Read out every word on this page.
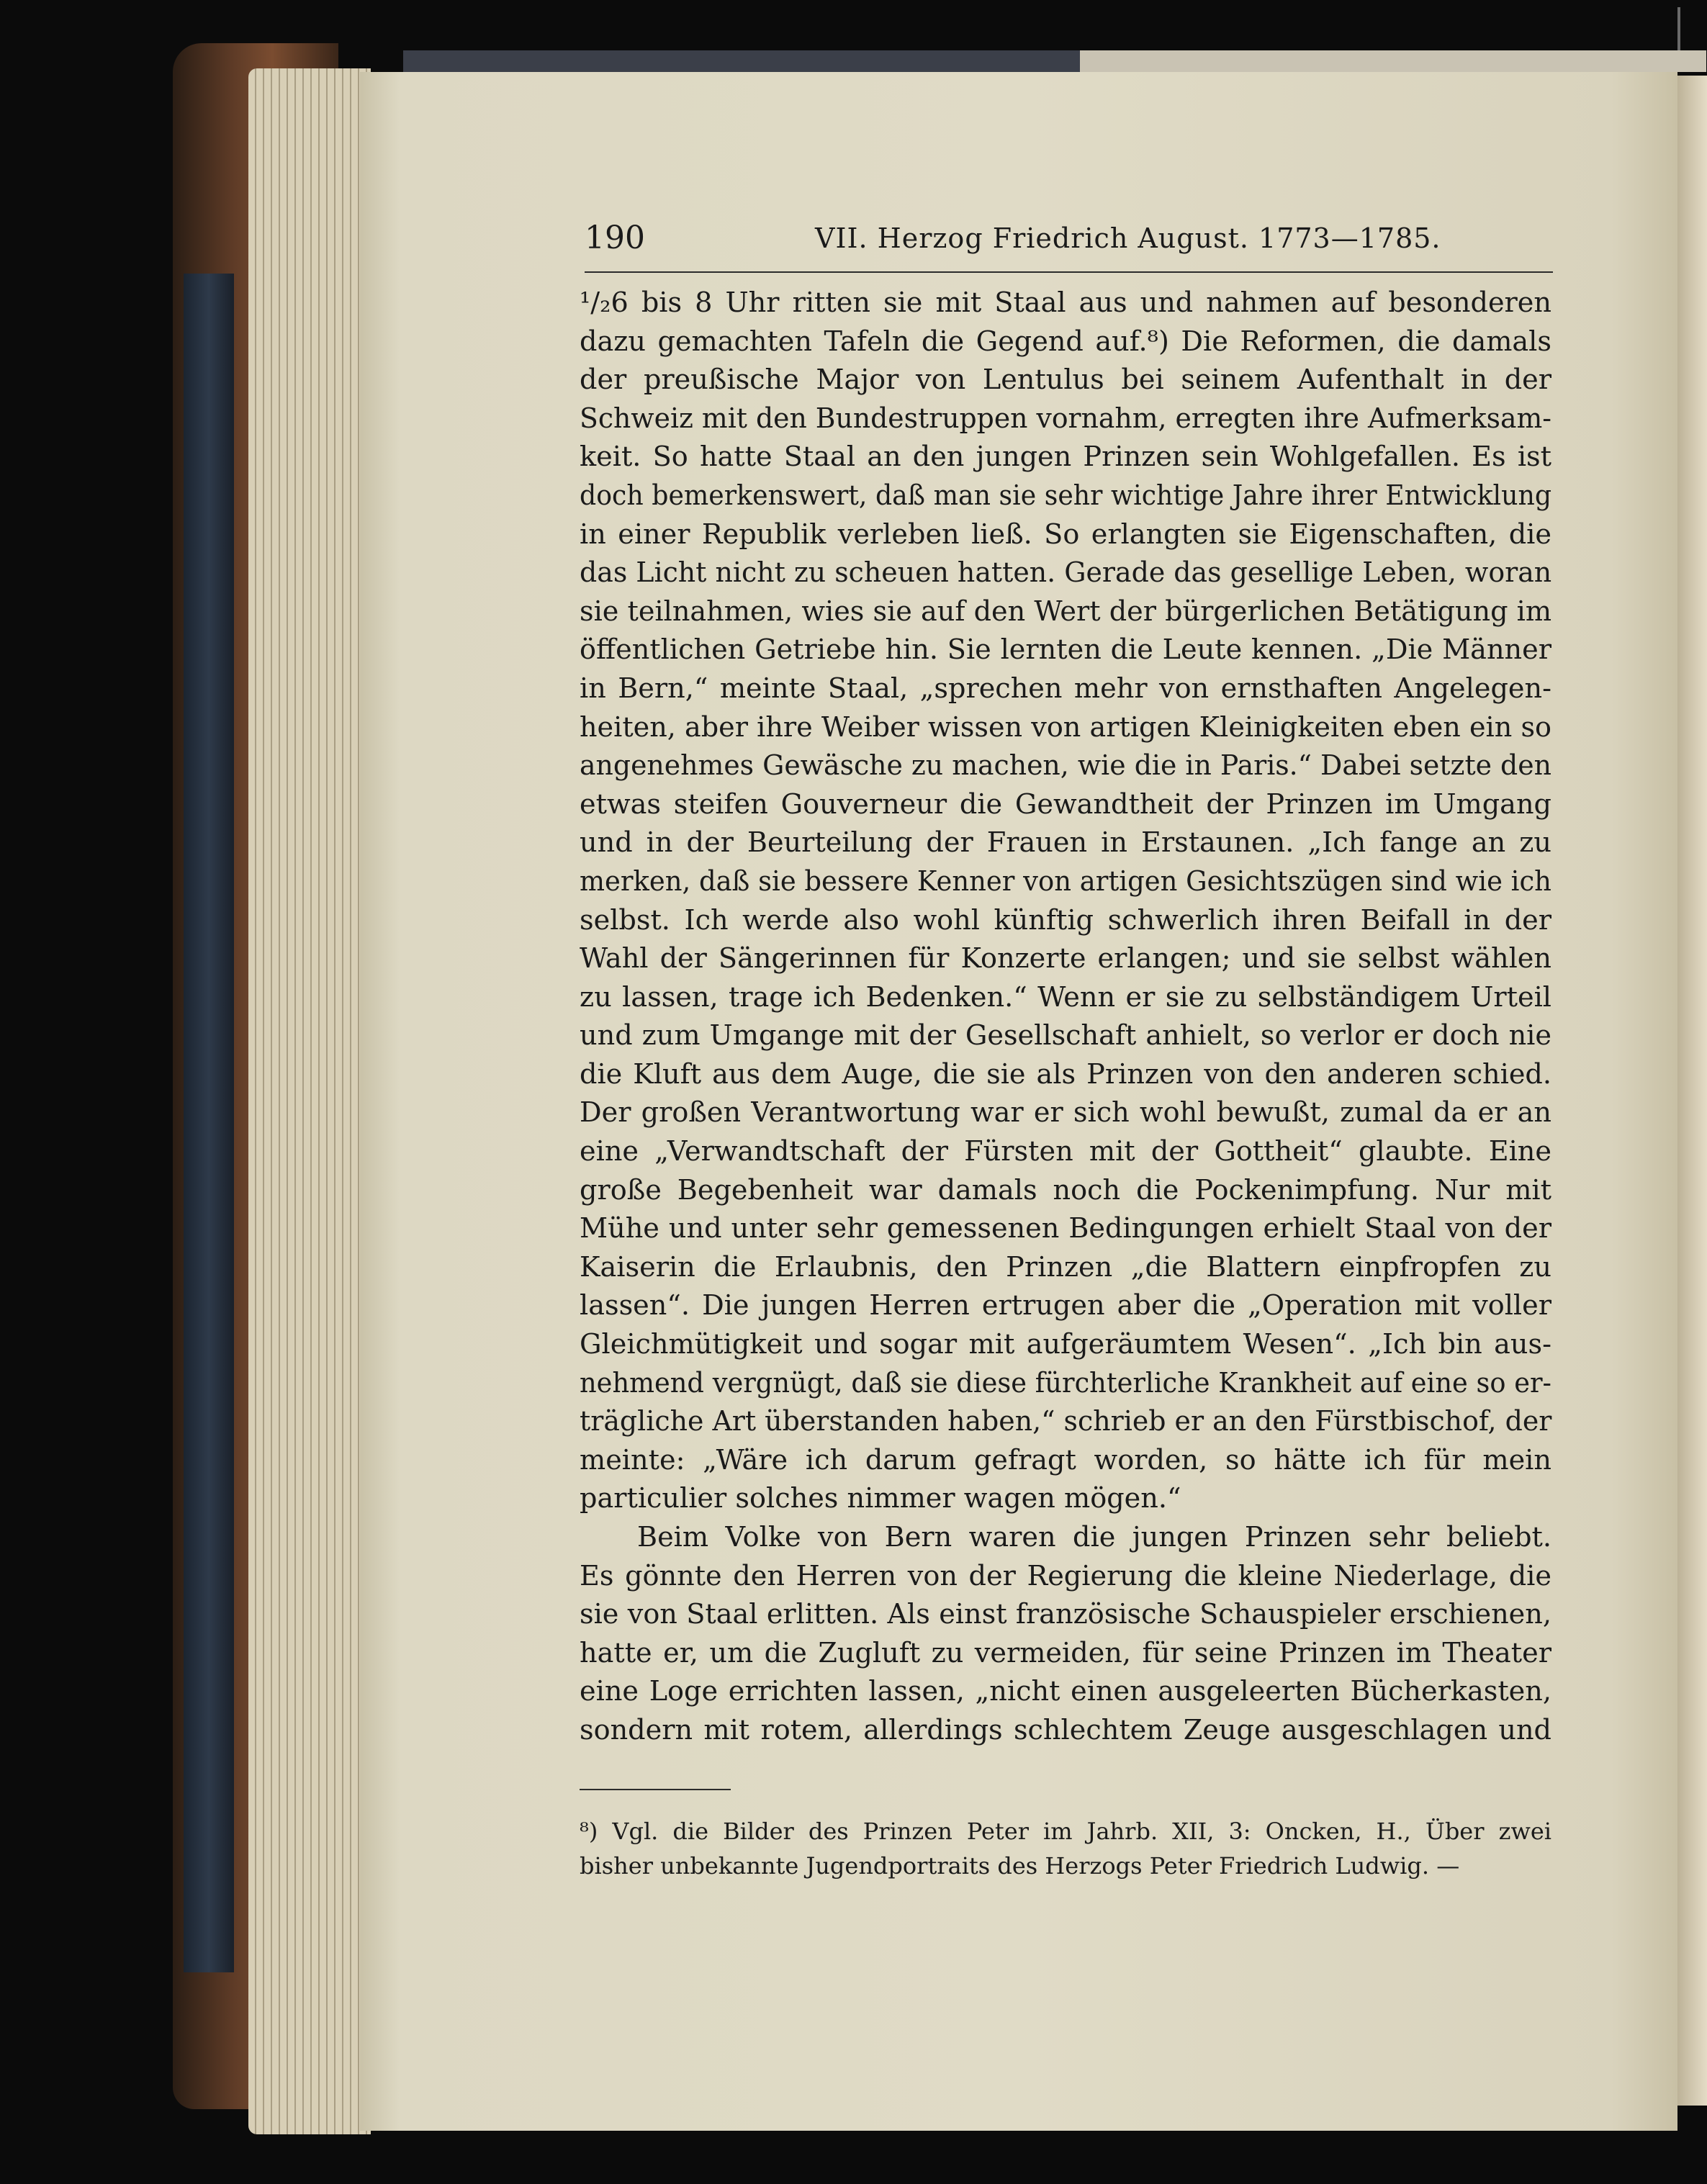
190	VII. Herzog Friedrich August. 1773—1785.
¹/₂6 bis 8 Uhr ritten sie mit Staal aus und nahmen auf besonderen
dazu gemachten Tafeln die Gegend auf.⁸) Die Reformen, die damals
der preußische Major von Lentulus bei seinem Aufenthalt in der
Schweiz mit den Bundestruppen vornahm, erregten ihre Aufmerksam-
keit. So hatte Staal an den jungen Prinzen sein Wohlgefallen. Es ist
doch bemerkenswert, daß man sie sehr wichtige Jahre ihrer Entwicklung
in einer Republik verleben ließ. So erlangten sie Eigenschaften, die
das Licht nicht zu scheuen hatten. Gerade das gesellige Leben, woran
sie teilnahmen, wies sie auf den Wert der bürgerlichen Betätigung im
öffentlichen Getriebe hin. Sie lernten die Leute kennen. „Die Männer
in Bern,“ meinte Staal, „sprechen mehr von ernsthaften Angelegen-
heiten, aber ihre Weiber wissen von artigen Kleinigkeiten eben ein so
angenehmes Gewäsche zu machen, wie die in Paris.“ Dabei setzte den
etwas steifen Gouverneur die Gewandtheit der Prinzen im Umgang
und in der Beurteilung der Frauen in Erstaunen. „Ich fange an zu
merken, daß sie bessere Kenner von artigen Gesichtszügen sind wie ich
selbst. Ich werde also wohl künftig schwerlich ihren Beifall in der
Wahl der Sängerinnen für Konzerte erlangen; und sie selbst wählen
zu lassen, trage ich Bedenken.“ Wenn er sie zu selbständigem Urteil
und zum Umgange mit der Gesellschaft anhielt, so verlor er doch nie
die Kluft aus dem Auge, die sie als Prinzen von den anderen schied.
Der großen Verantwortung war er sich wohl bewußt, zumal da er an
eine „Verwandtschaft der Fürsten mit der Gottheit“ glaubte. Eine
große Begebenheit war damals noch die Pockenimpfung. Nur mit
Mühe und unter sehr gemessenen Bedingungen erhielt Staal von der
Kaiserin die Erlaubnis, den Prinzen „die Blattern einpfropfen zu
lassen“. Die jungen Herren ertrugen aber die „Operation mit voller
Gleichmütigkeit und sogar mit aufgeräumtem Wesen“. „Ich bin aus-
nehmend vergnügt, daß sie diese fürchterliche Krankheit auf eine so er-
trägliche Art überstanden haben,“ schrieb er an den Fürstbischof, der
meinte: „Wäre ich darum gefragt worden, so hätte ich für mein
particulier solches nimmer wagen mögen.“
Beim Volke von Bern waren die jungen Prinzen sehr beliebt.
Es gönnte den Herren von der Regierung die kleine Niederlage, die
sie von Staal erlitten. Als einst französische Schauspieler erschienen,
hatte er, um die Zugluft zu vermeiden, für seine Prinzen im Theater
eine Loge errichten lassen, „nicht einen ausgeleerten Bücherkasten,
sondern mit rotem, allerdings schlechtem Zeuge ausgeschlagen und
⁸) Vgl. die Bilder des Prinzen Peter im Jahrb. XII, 3: Oncken, H., Über zwei
bisher unbekannte Jugendportraits des Herzogs Peter Friedrich Ludwig. —
